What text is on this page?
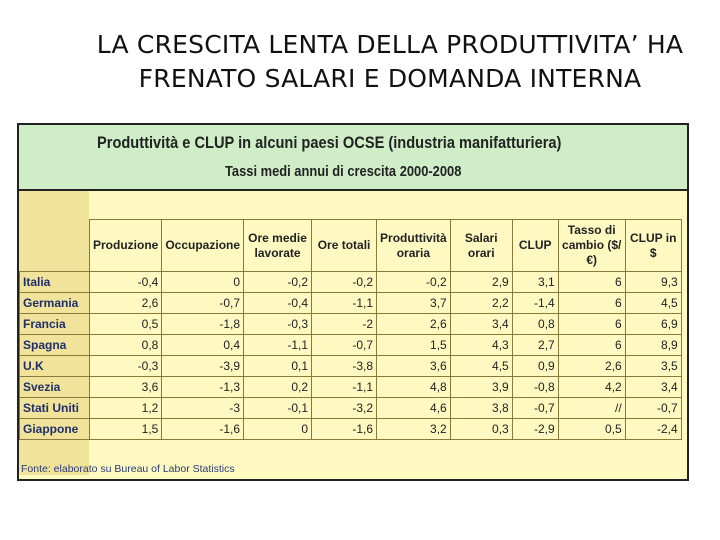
LA CRESCITA LENTA DELLA PRODUTTIVITA’ HA
FRENATO SALARI E DOMANDA INTERNA
Produttività e CLUP in alcuni paesi OCSE (industria manifatturiera)
Tassi medi annui di crescita 2000-2008
	Produzione	Occupazione	Ore medie lavorate	Ore totali	Produttività oraria	Salari orari	CLUP	Tasso di cambio ($/€)	CLUP in $
Italia	-0,4	0	-0,2	-0,2	-0,2	2,9	3,1	6	9,3
Germania	2,6	-0,7	-0,4	-1,1	3,7	2,2	-1,4	6	4,5
Francia	0,5	-1,8	-0,3	-2	2,6	3,4	0,8	6	6,9
Spagna	0,8	0,4	-1,1	-0,7	1,5	4,3	2,7	6	8,9
U.K	-0,3	-3,9	0,1	-3,8	3,6	4,5	0,9	2,6	3,5
Svezia	3,6	-1,3	0,2	-1,1	4,8	3,9	-0,8	4,2	3,4
Stati Uniti	1,2	-3	-0,1	-3,2	4,6	3,8	-0,7	//	-0,7
Giappone	1,5	-1,6	0	-1,6	3,2	0,3	-2,9	0,5	-2,4
Fonte: elaborato su Bureau of Labor Statistics
